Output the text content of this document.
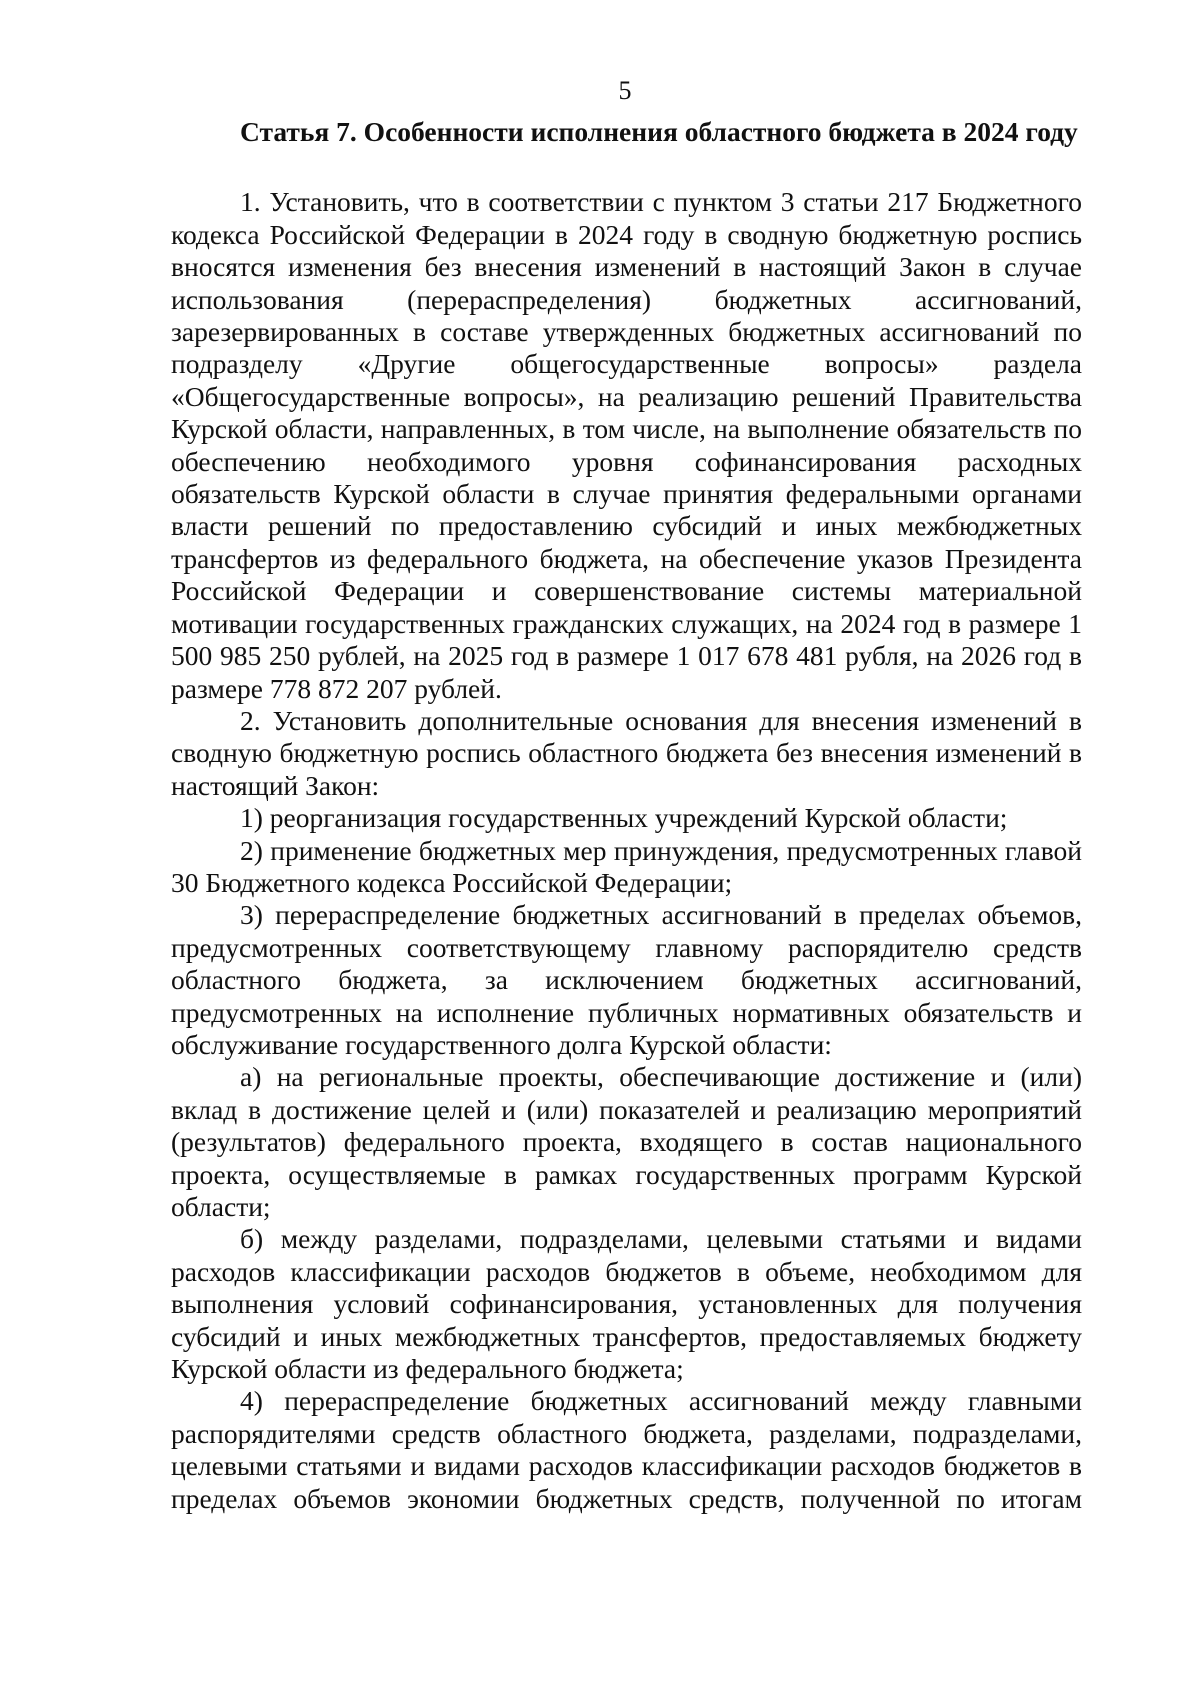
5

Статья 7. Особенности исполнения областного бюджета в 2024 году

1. Установить, что в соответствии с пунктом 3 статьи 217 Бюджетного кодекса Российской Федерации в 2024 году в сводную бюджетную роспись вносятся изменения без внесения изменений в настоящий Закон в случае использования (перераспределения) бюджетных ассигнований, зарезервированных в составе утвержденных бюджетных ассигнований по подразделу «Другие общегосударственные вопросы» раздела «Общегосударственные вопросы», на реализацию решений Правительства Курской области, направленных, в том числе, на выполнение обязательств по обеспечению необходимого уровня софинансирования расходных обязательств Курской области в случае принятия федеральными органами власти решений по предоставлению субсидий и иных межбюджетных трансфертов из федерального бюджета, на обеспечение указов Президента Российской Федерации и совершенствование системы материальной мотивации государственных гражданских служащих, на 2024 год в размере 1 500 985 250 рублей, на 2025 год в размере 1 017 678 481 рубля, на 2026 год в размере 778 872 207 рублей.

2. Установить дополнительные основания для внесения изменений в сводную бюджетную роспись областного бюджета без внесения изменений в настоящий Закон:

1) реорганизация государственных учреждений Курской области;

2) применение бюджетных мер принуждения, предусмотренных главой 30 Бюджетного кодекса Российской Федерации;

3) перераспределение бюджетных ассигнований в пределах объемов, предусмотренных соответствующему главному распорядителю средств областного бюджета, за исключением бюджетных ассигнований, предусмотренных на исполнение публичных нормативных обязательств и обслуживание государственного долга Курской области:

а) на региональные проекты, обеспечивающие достижение и (или) вклад в достижение целей и (или) показателей и реализацию мероприятий (результатов) федерального проекта, входящего в состав национального проекта, осуществляемые в рамках государственных программ Курской области;

б) между разделами, подразделами, целевыми статьями и видами расходов классификации расходов бюджетов в объеме, необходимом для выполнения условий софинансирования, установленных для получения субсидий и иных межбюджетных трансфертов, предоставляемых бюджету Курской области из федерального бюджета;

4) перераспределение бюджетных ассигнований между главными распорядителями средств областного бюджета, разделами, подразделами, целевыми статьями и видами расходов классификации расходов бюджетов в пределах объемов экономии бюджетных средств, полученной по итогам
